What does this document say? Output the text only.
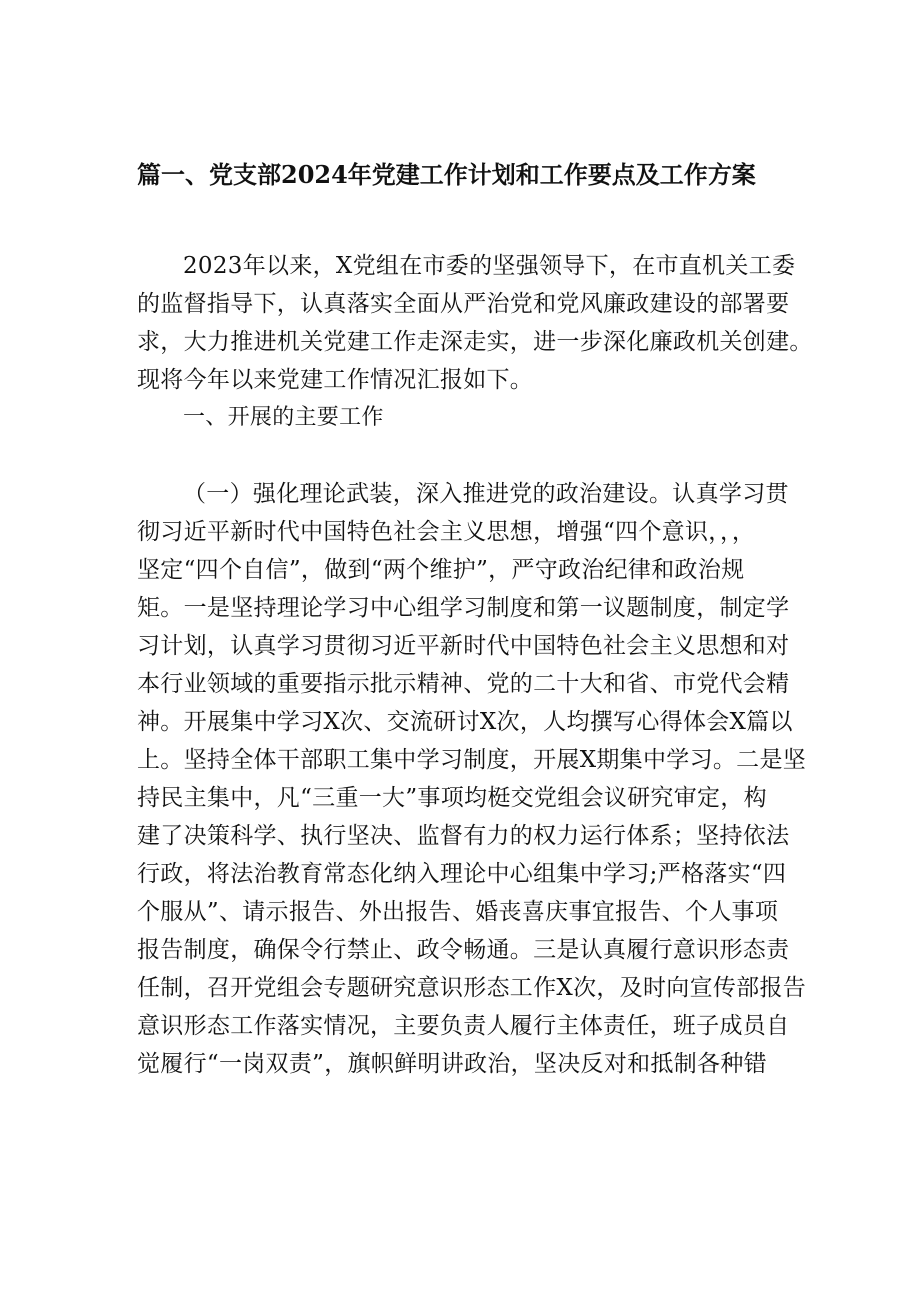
篇一、党支部2024年党建工作计划和工作要点及工作方案
2023年以来，X党组在市委的坚强领导下，在市直机关工委
的监督指导下，认真落实全面从严治党和党风廉政建设的部署要
求，大力推进机关党建工作走深走实，进一步深化廉政机关创建。
现将今年以来党建工作情况汇报如下。
一、开展的主要工作
（一）强化理论武装，深入推进党的政治建设。认真学习贯
彻习近平新时代中国特色社会主义思想，增强“四个意识，，，
坚定“四个自信”，做到“两个维护”，严守政治纪律和政治规
矩。一是坚持理论学习中心组学习制度和第一议题制度，制定学
习计划，认真学习贯彻习近平新时代中国特色社会主义思想和对
本行业领域的重要指示批示精神、党的二十大和省、市党代会精
神。开展集中学习X次、交流研讨X次，人均撰写心得体会X篇以
上。坚持全体干部职工集中学习制度，开展X期集中学习。二是坚
持民主集中，凡“三重一大”事项均梃交党组会议研究审定，构
建了决策科学、执行坚决、监督有力的权力运行体系；坚持依法
行政，将法治教育常态化纳入理论中心组集中学习;严格落实“四
个服从”、请示报告、外出报告、婚丧喜庆事宜报告、个人事项
报告制度，确保令行禁止、政令畅通。三是认真履行意识形态责
任制，召开党组会专题研究意识形态工作X次，及时向宣传部报告
意识形态工作落实情况，主要负责人履行主体责任，班子成员自
觉履行“一岗双责”，旗帜鲜明讲政治，坚决反对和抵制各种错
